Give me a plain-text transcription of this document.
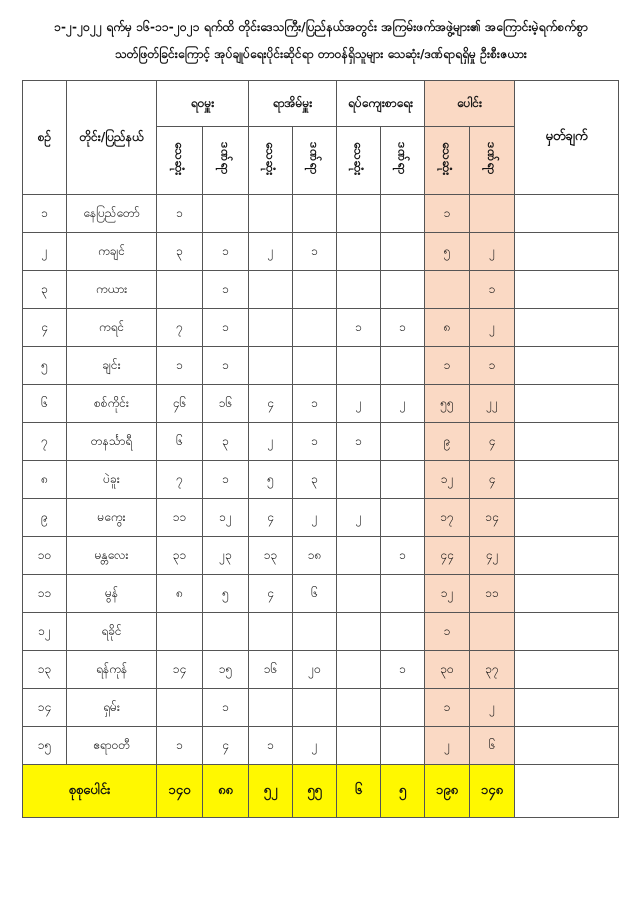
၁-၂-၂၀၂၂ ရက်မှ ၁၆-၁၁-၂၀၂၁ ရက်ထိ တိုင်းဒေသကြီး/ပြည်နယ်အတွင်း အကြမ်းဖက်အဖွဲ့များ၏ အကြောင်းမဲ့ရက်စက်စွာ
သတ်ဖြတ်ခြင်းကြောင့် အုပ်ချုပ်ရေးပိုင်းဆိုင်ရာ တာဝန်ရှိသူများ သေဆုံး/ဒဏ်ရာရရှိမှု ဦးစီးဇယား
စဉ်	တိုင်း/ပြည်နယ်	ရဝမှူး		ရာအိမ်မှူး		ရပ်ကျေးစာရေး		ပေါင်း		မှတ်ချက်
		သေဆုံး	ဒဏ်ရာ	သေဆုံး	ဒဏ်ရာ	သေဆုံး	ဒဏ်ရာ	သေဆုံး	ဒဏ်ရာ	
၁	နေပြည်တော်	၁						၁		
၂	ကချင်	၃	၁	၂	၁			၅	၂	
၃	ကယား		၁						၁	
၄	ကရင်	၇	၁			၁	၁	၈	၂	
၅	ချင်း	၁	၁					၁	၁	
၆	စစ်ကိုင်း	၄၆	၁၆	၄	၁	၂	၂	၅၅	၂၂	
၇	တနင်္သာရီ	၆	၃	၂	၁	၁		၉	၄	
၈	ပဲခူး	၇	၁	၅	၃			၁၂	၄	
၉	မကွေး	၁၁	၁၂	၄	၂	၂		၁၇	၁၄	
၁၀	မန္တလေး	၃၁	၂၃	၁၃	၁၈		၁	၄၄	၄၂	
၁၁	မွန်	၈	၅	၄	၆			၁၂	၁၁	
၁၂	ရခိုင်							၁		
၁၃	ရန်ကုန်	၁၄	၁၅	၁၆	၂၀		၁	၃၀	၃၇	
၁၄	ရှမ်း		၁					၁	၂	
၁၅	ဧရာဝတီ	၁	၄	၁	၂			၂	၆	
စုစုပေါင်း		၁၄၀	၈၈	၅၂	၅၅	၆	၅	၁၉၈	၁၄၈	
